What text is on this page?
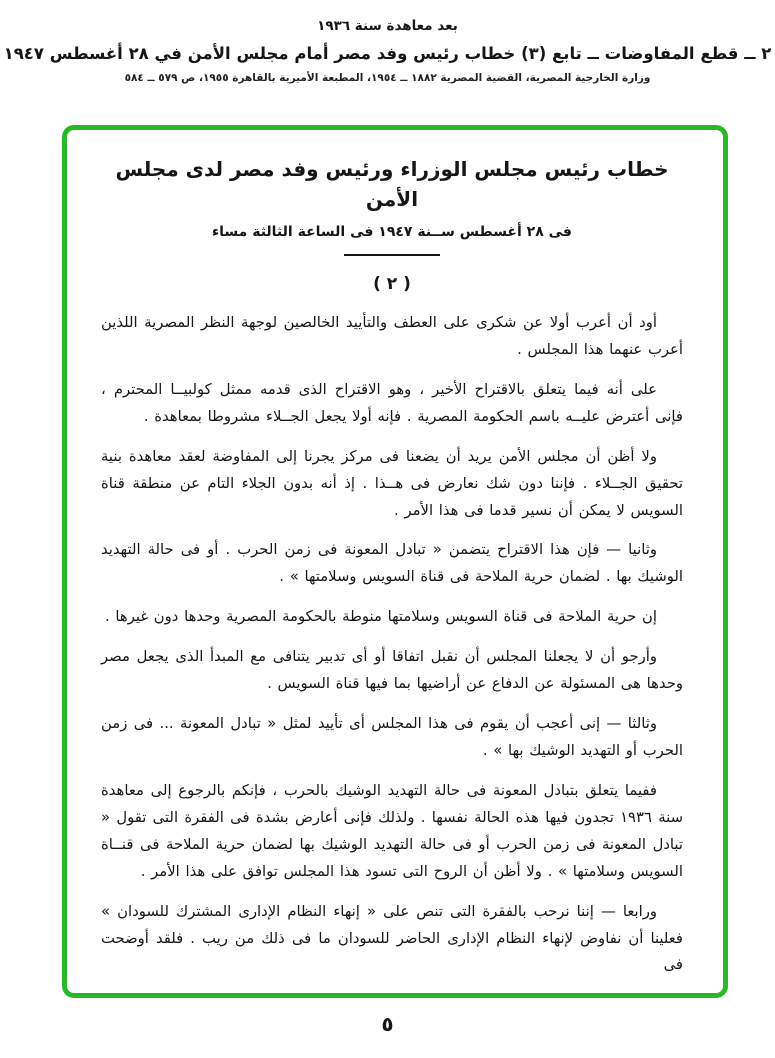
بعد معاهدة سنة ١٩٣٦
٢ ــ قطع المفاوضات ــ تابع (٣) خطاب رئيس وفد مصر أمام مجلس الأمن في ٢٨ أغسطس ١٩٤٧
وزارة الخارجية المصرية، القضية المصرية ١٨٨٢ ــ ١٩٥٤، المطبعة الأميرية بالقاهرة ١٩٥٥، ص ٥٧٩ ــ ٥٨٤
خطاب رئيس مجلس الوزراء ورئيس وفد مصر لدى مجلس الأمن
فى ٢٨ أغسطس ســنة ١٩٤٧ فى الساعة الثالثة مساء
( ٢ )

أود أن أعرب أولا عن شكرى على العطف والتأييد الخالصين لوجهة النظر المصرية اللذين أعرب عنهما هذا المجلس .

على أنه فيما يتعلق بالاقتراح الأخير ، وهو الاقتراح الذى قدمه ممثل كولبيــا المحترم ، فإنى أعترض عليــه باسم الحكومة المصرية . فإنه أولا يجعل الجــلاء مشروطا بمعاهدة .

ولا أظن أن مجلس الأمن يريد أن يضعنا فى مركز يجرنا إلى المفاوضة لعقد معاهدة بنية تحقيق الجــلاء . فإننا دون شك نعارض فى هــذا . إذ أنه بدون الجلاء التام عن منطقة قناة السويس لا يمكن أن نسير قدما فى هذا الأمر .

وثانيا — فإن هذا الاقتراح يتضمن « تبادل المعونة فى زمن الحرب . أو فى حالة التهديد الوشيك بها . لضمان حرية الملاحة فى قناة السويس وسلامتها » .

إن حرية الملاحة فى قناة السويس وسلامتها منوطة بالحكومة المصرية وحدها دون غيرها .

وأرجو أن لا يجعلنا المجلس أن نقبل اتفاقا أو أى تدبير يتنافى مع المبدأ الذى يجعل مصر وحدها هى المسئولة عن الدفاع عن أراضيها بما فيها قناة السويس .

وثالثا — إنى أعجب أن يقوم فى هذا المجلس أى تأييد لمثل « تبادل المعونة ... فى زمن الحرب أو التهديد الوشيك بها » .

ففيما يتعلق بتبادل المعونة فى حالة التهديد الوشيك بالحرب ، فإنكم بالرجوع إلى معاهدة سنة ١٩٣٦ تجدون فيها هذه الحالة نفسها . ولذلك فإنى أعارض بشدة فى الفقرة التى تقول « تبادل المعونة فى زمن الحرب أو فى حالة التهديد الوشيك بها لضمان حرية الملاحة فى قنــاة السويس وسلامتها » . ولا أظن أن الروح التى تسود هذا المجلس توافق على هذا الأمر .

ورابعا — إننا نرحب بالفقرة التى تنص على « إنهاء النظام الإدارى المشترك للسودان » فعلينا أن نفاوض لإنهاء النظام الإدارى الحاضر للسودان ما فى ذلك من ريب . فلقد أوضحت فى

٥
